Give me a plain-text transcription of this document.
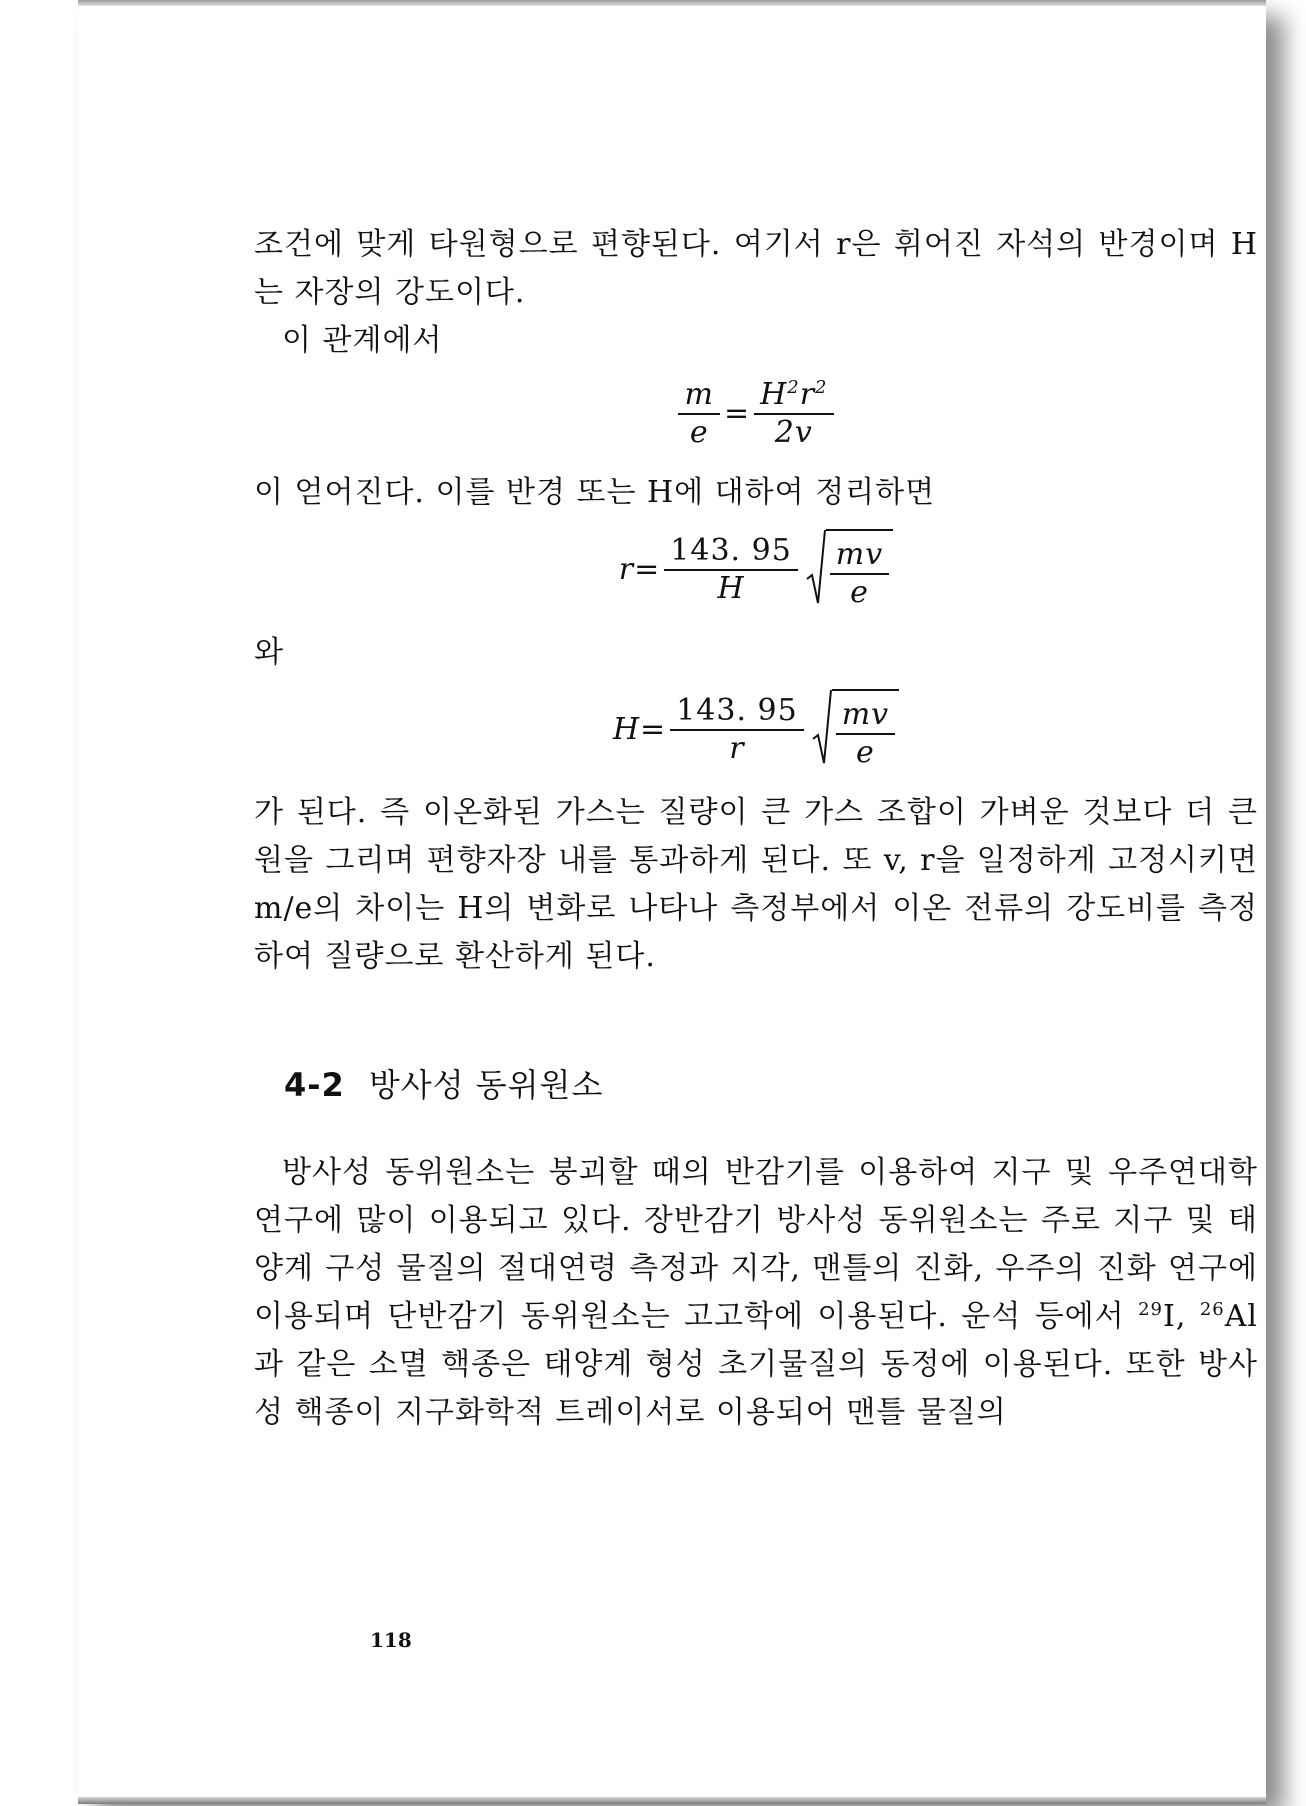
조건에 맞게 타원형으로 편향된다. 여기서 r은 휘어진 자석의 반경이며 H는 자장의 강도이다.

이 관계에서

$\frac{m}{e} = \frac{H^2r^2}{2v}$

이 얻어진다. 이를 반경 또는 H에 대하여 정리하면

$r= \frac{143. 95}{H} \frac{mv}{e}$

와

$H= \frac{143. 95}{r} \frac{mv}{e}$

가 된다. 즉 이온화된 가스는 질량이 큰 가스 조합이 가벼운 것보다 더 큰 원을 그리며 편향자장 내를 통과하게 된다. 또 v, r을 일정하게 고정시키면 m/e의 차이는 H의 변화로 나타나 측정부에서 이온 전류의 강도비를 측정하여 질량으로 환산하게 된다.

4-2 방사성 동위원소

방사성 동위원소는 붕괴할 때의 반감기를 이용하여 지구 및 우주연대학 연구에 많이 이용되고 있다. 장반감기 방사성 동위원소는 주로 지구 및 태양계 구성 물질의 절대연령 측정과 지각, 맨틀의 진화, 우주의 진화 연구에 이용되며 단반감기 동위원소는 고고학에 이용된다. 운석 등에서 $^{29}$I, $^{26}$Al과 같은 소멸 핵종은 태양계 형성 초기물질의 동정에 이용된다. 또한 방사성 핵종이 지구화학적 트레이서로 이용되어 맨틀 물질의

118
